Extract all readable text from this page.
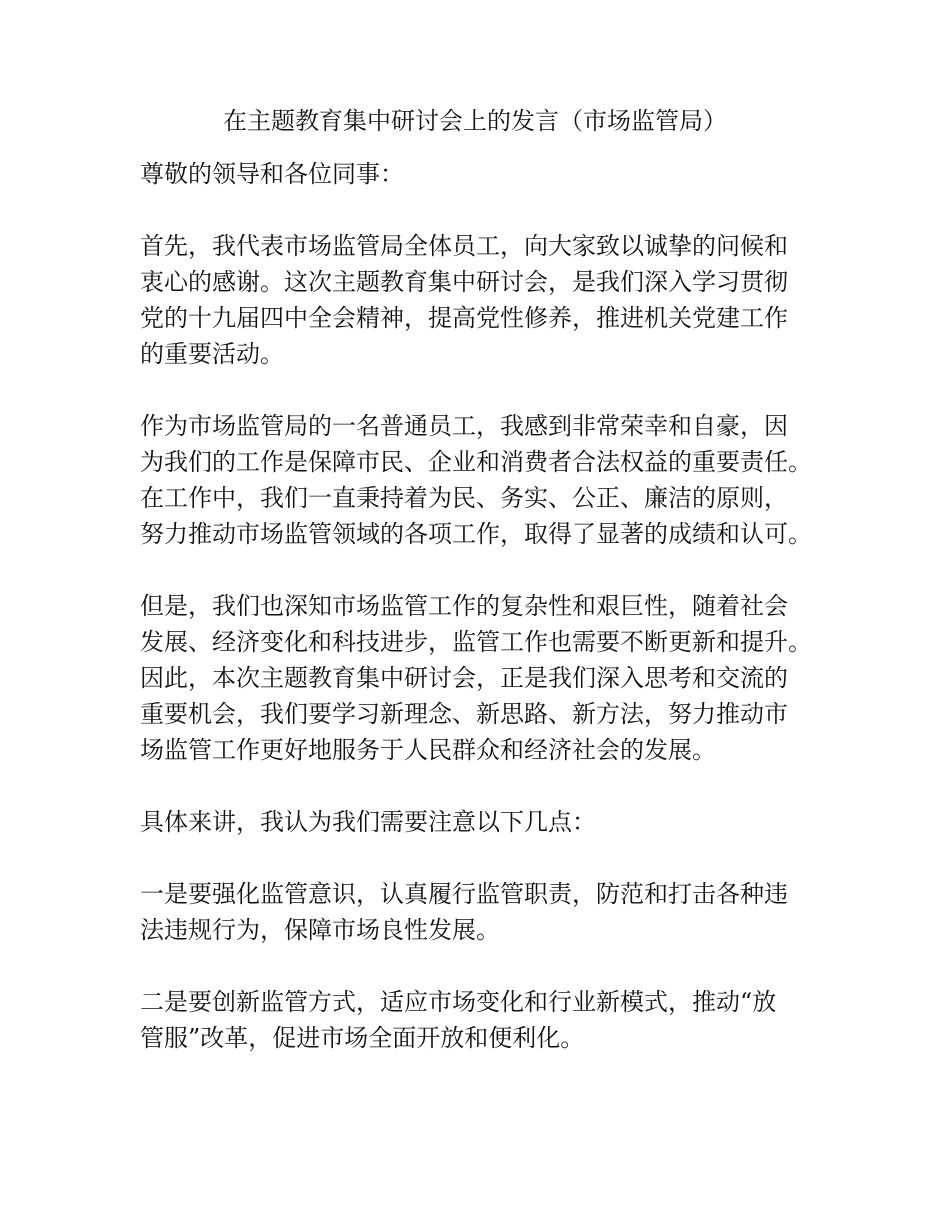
在主题教育集中研讨会上的发言（市场监管局）
尊敬的领导和各位同事：
首先，我代表市场监管局全体员工，向大家致以诚挚的问候和
衷心的感谢。这次主题教育集中研讨会，是我们深入学习贯彻
党的十九届四中全会精神，提高党性修养，推进机关党建工作
的重要活动。
作为市场监管局的一名普通员工，我感到非常荣幸和自豪，因
为我们的工作是保障市民、企业和消费者合法权益的重要责任。
在工作中，我们一直秉持着为民、务实、公正、廉洁的原则，
努力推动市场监管领域的各项工作，取得了显著的成绩和认可。
但是，我们也深知市场监管工作的复杂性和艰巨性，随着社会
发展、经济变化和科技进步，监管工作也需要不断更新和提升。
因此，本次主题教育集中研讨会，正是我们深入思考和交流的
重要机会，我们要学习新理念、新思路、新方法，努力推动市
场监管工作更好地服务于人民群众和经济社会的发展。
具体来讲，我认为我们需要注意以下几点：
一是要强化监管意识，认真履行监管职责，防范和打击各种违
法违规行为，保障市场良性发展。
二是要创新监管方式，适应市场变化和行业新模式，推动“放
管服”改革，促进市场全面开放和便利化。
